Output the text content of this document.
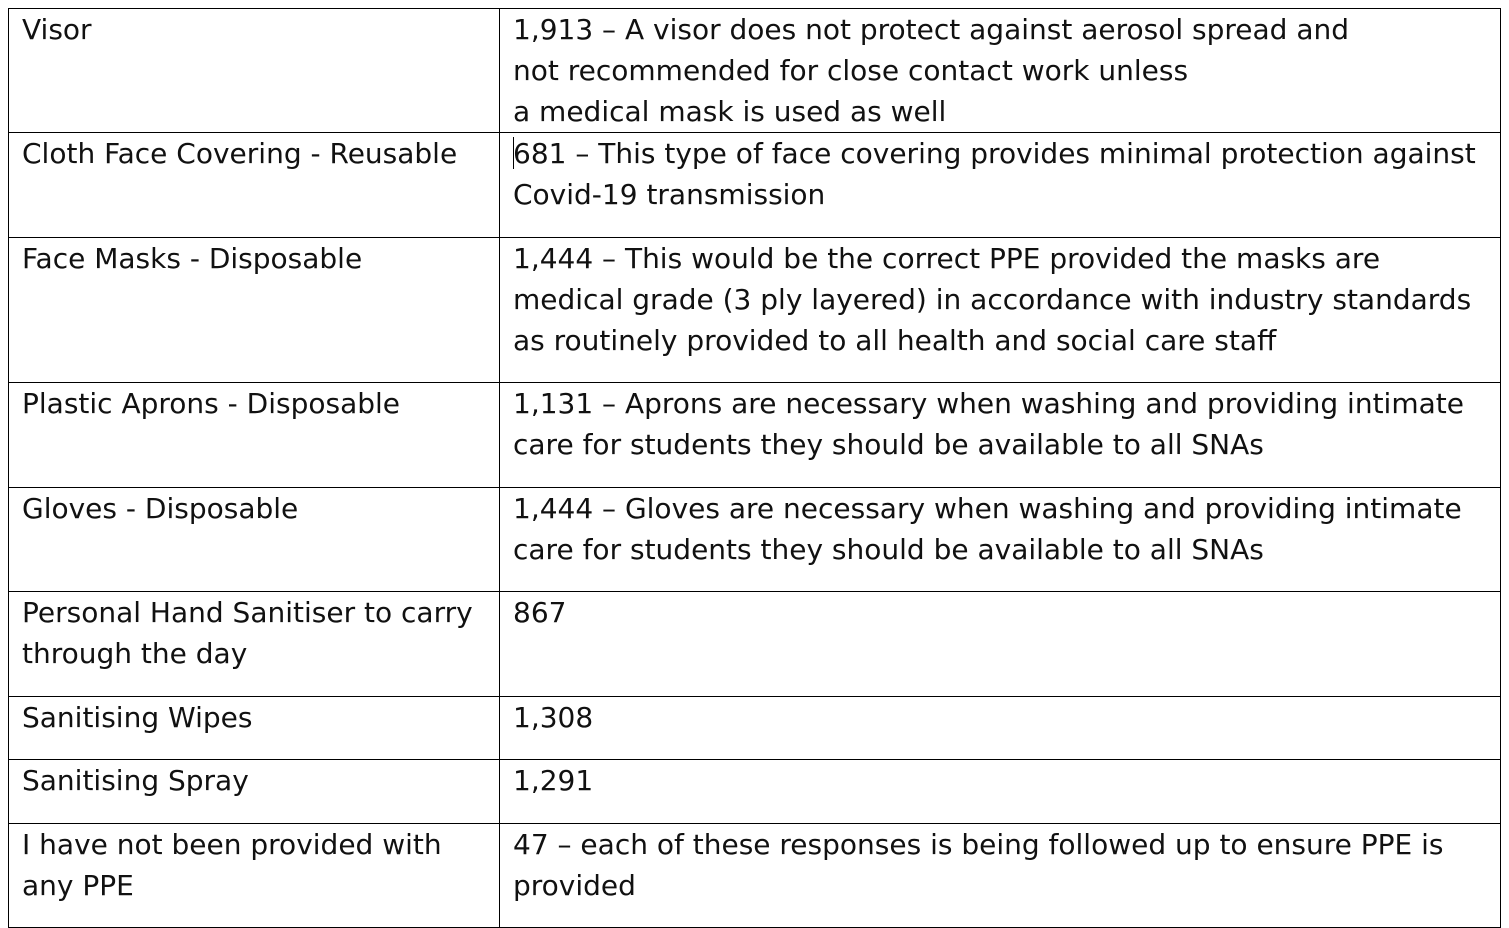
Visor	1,913 – A visor does not protect against aerosol spread and
not recommended for close contact work unless
a medical mask is used as well
Cloth Face Covering - Reusable	681 – This type of face covering provides minimal protection against Covid-19 transmission
Face Masks - Disposable	1,444 – This would be the correct PPE provided the masks are medical grade (3 ply layered) in accordance with industry standards as routinely provided to all health and social care staff
Plastic Aprons - Disposable	1,131 – Aprons are necessary when washing and providing intimate care for students they should be available to all SNAs
Gloves - Disposable	1,444 – Gloves are necessary when washing and providing intimate care for students they should be available to all SNAs
Personal Hand Sanitiser to carry through the day	867
Sanitising Wipes	1,308
Sanitising Spray	1,291
I have not been provided with any PPE	47 – each of these responses is being followed up to ensure PPE is provided
